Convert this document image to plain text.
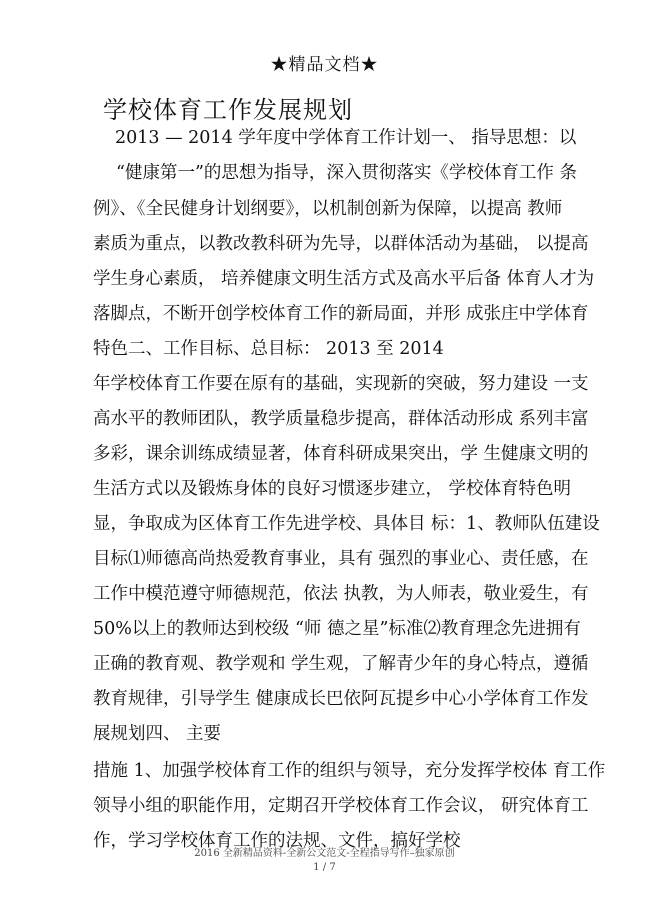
★精品文档★
学校体育工作发展规划
2013 — 2014 学年度中学体育工作计划一、 指导思想：以
“健康第一”的思想为指导，深入贯彻落实《学校体育工作 条
例》、《全民健身计划纲要》，以机制创新为保障，以提高 教师
素质为重点，以教改教科研为先导，以群体活动为基础， 以提高
学生身心素质， 培养健康文明生活方式及高水平后备 体育人才为
落脚点，不断开创学校体育工作的新局面，并形 成张庄中学体育
特色二、工作目标、总目标： 2013 至 2014
年学校体育工作要在原有的基础，实现新的突破，努力建设 一支
高水平的教师团队，教学质量稳步提高，群体活动形成 系列丰富
多彩，课余训练成绩显著，体育科研成果突出，学 生健康文明的
生活方式以及锻炼身体的良好习惯逐步建立， 学校体育特色明
显，争取成为区体育工作先进学校、具体目 标：1、教师队伍建设
目标⑴师德高尚热爱教育事业，具有 强烈的事业心、责任感，在
工作中模范遵守师德规范，依法 执教，为人师表，敬业爱生，有
50%以上的教师达到校级 “师 德之星”标准⑵教育理念先进拥有
正确的教育观、教学观和 学生观，了解青少年的身心特点，遵循
教育规律，引导学生 健康成长巴依阿瓦提乡中心小学体育工作发
展规划四、 主要
措施 1、加强学校体育工作的组织与领导，充分发挥学校体 育工作
领导小组的职能作用，定期召开学校体育工作会议， 研究体育工
作，学习学校体育工作的法规、文件，搞好学校
2016 全新精品资料-全新公文范文-全程指导写作–独家原创
1 / 7
